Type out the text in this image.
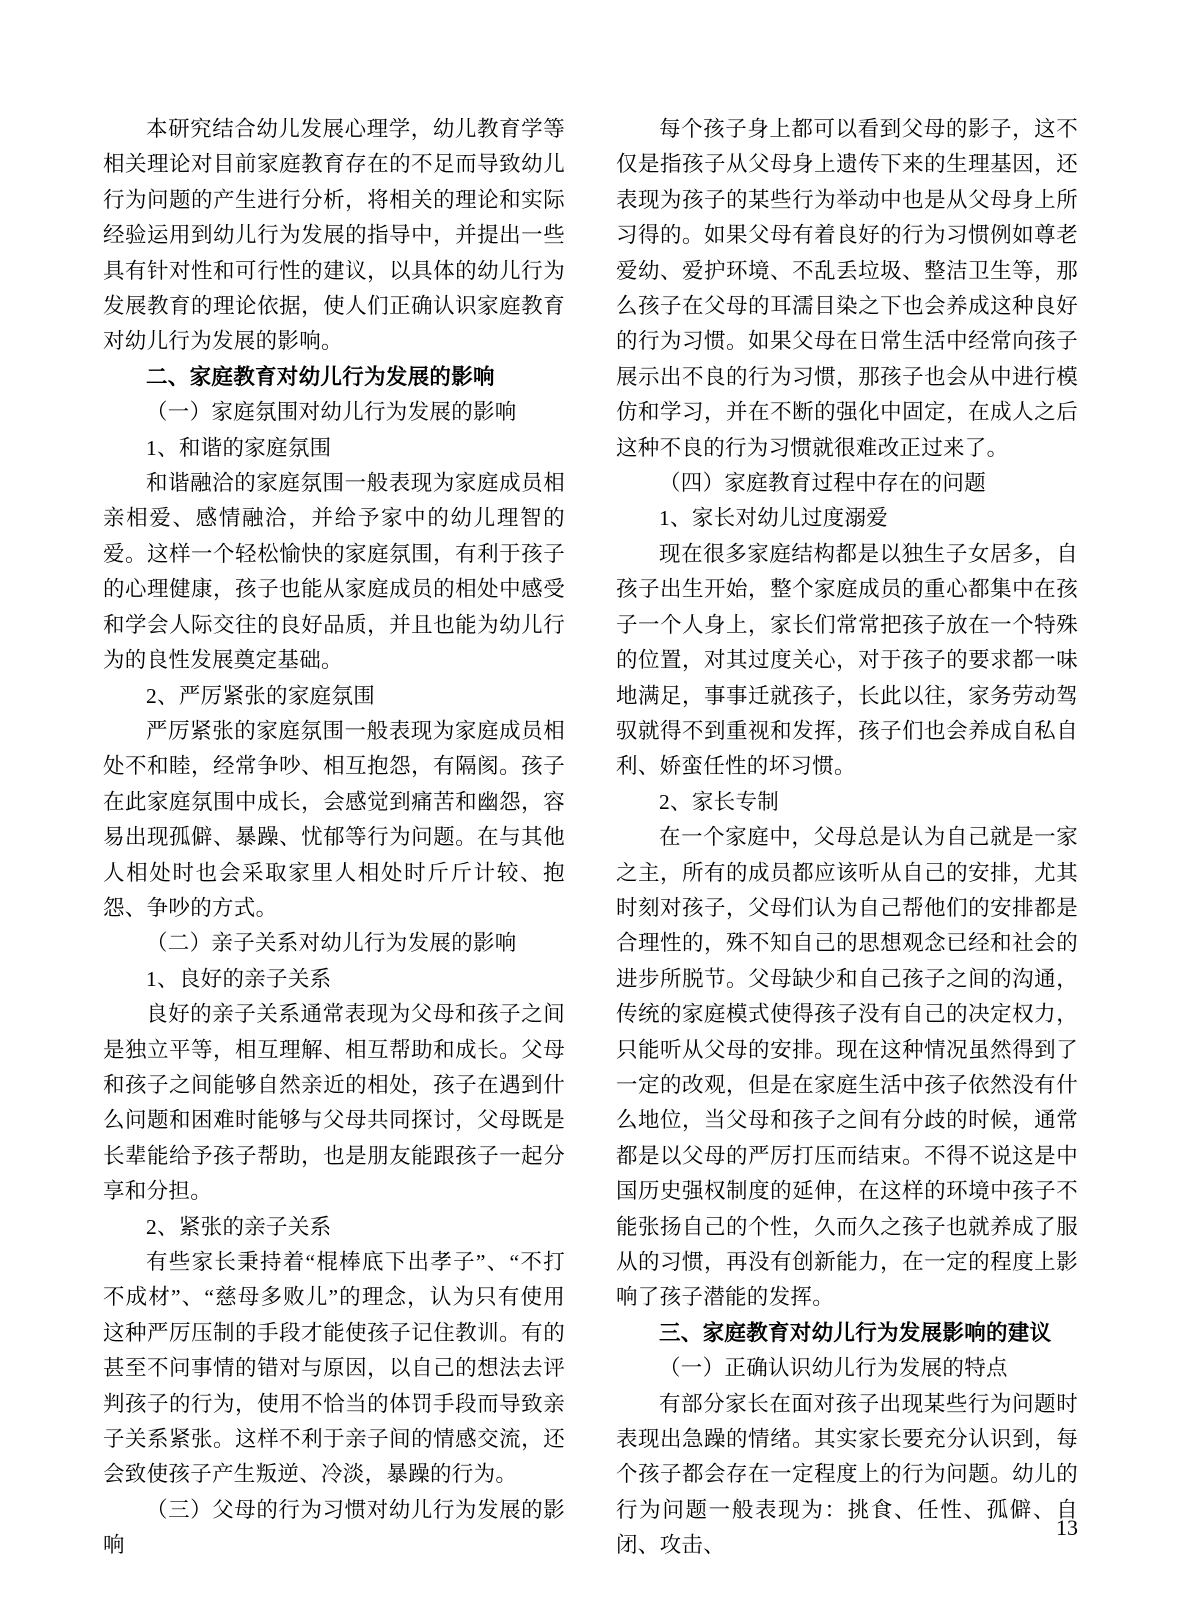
本研究结合幼儿发展心理学，幼儿教育学等相关理论对目前家庭教育存在的不足而导致幼儿行为问题的产生进行分析，将相关的理论和实际经验运用到幼儿行为发展的指导中，并提出一些具有针对性和可行性的建议，以具体的幼儿行为发展教育的理论依据，使人们正确认识家庭教育对幼儿行为发展的影响。

二、家庭教育对幼儿行为发展的影响

（一）家庭氛围对幼儿行为发展的影响

1、和谐的家庭氛围

和谐融洽的家庭氛围一般表现为家庭成员相亲相爱、感情融洽，并给予家中的幼儿理智的爱。这样一个轻松愉快的家庭氛围，有利于孩子的心理健康，孩子也能从家庭成员的相处中感受和学会人际交往的良好品质，并且也能为幼儿行为的良性发展奠定基础。

2、严厉紧张的家庭氛围

严厉紧张的家庭氛围一般表现为家庭成员相处不和睦，经常争吵、相互抱怨，有隔阂。孩子在此家庭氛围中成长，会感觉到痛苦和幽怨，容易出现孤僻、暴躁、忧郁等行为问题。在与其他人相处时也会采取家里人相处时斤斤计较、抱怨、争吵的方式。

（二）亲子关系对幼儿行为发展的影响

1、良好的亲子关系

良好的亲子关系通常表现为父母和孩子之间是独立平等，相互理解、相互帮助和成长。父母和孩子之间能够自然亲近的相处，孩子在遇到什么问题和困难时能够与父母共同探讨，父母既是长辈能给予孩子帮助，也是朋友能跟孩子一起分享和分担。

2、紧张的亲子关系

有些家长秉持着“棍棒底下出孝子”、“不打不成材”、“慈母多败儿”的理念，认为只有使用这种严厉压制的手段才能使孩子记住教训。有的甚至不问事情的错对与原因，以自己的想法去评判孩子的行为，使用不恰当的体罚手段而导致亲子关系紧张。这样不利于亲子间的情感交流，还会致使孩子产生叛逆、冷淡，暴躁的行为。

（三）父母的行为习惯对幼儿行为发展的影响

每个孩子身上都可以看到父母的影子，这不仅是指孩子从父母身上遗传下来的生理基因，还表现为孩子的某些行为举动中也是从父母身上所习得的。如果父母有着良好的行为习惯例如尊老爱幼、爱护环境、不乱丢垃圾、整洁卫生等，那么孩子在父母的耳濡目染之下也会养成这种良好的行为习惯。如果父母在日常生活中经常向孩子展示出不良的行为习惯，那孩子也会从中进行模仿和学习，并在不断的强化中固定，在成人之后这种不良的行为习惯就很难改正过来了。

（四）家庭教育过程中存在的问题

1、家长对幼儿过度溺爱

现在很多家庭结构都是以独生子女居多，自孩子出生开始，整个家庭成员的重心都集中在孩子一个人身上，家长们常常把孩子放在一个特殊的位置，对其过度关心，对于孩子的要求都一味地满足，事事迁就孩子，长此以往，家务劳动驾驭就得不到重视和发挥，孩子们也会养成自私自利、娇蛮任性的坏习惯。

2、家长专制

在一个家庭中，父母总是认为自己就是一家之主，所有的成员都应该听从自己的安排，尤其时刻对孩子，父母们认为自己帮他们的安排都是合理性的，殊不知自己的思想观念已经和社会的进步所脱节。父母缺少和自己孩子之间的沟通，传统的家庭模式使得孩子没有自己的决定权力，只能听从父母的安排。现在这种情况虽然得到了一定的改观，但是在家庭生活中孩子依然没有什么地位，当父母和孩子之间有分歧的时候，通常都是以父母的严厉打压而结束。不得不说这是中国历史强权制度的延伸，在这样的环境中孩子不能张扬自己的个性，久而久之孩子也就养成了服从的习惯，再没有创新能力，在一定的程度上影响了孩子潜能的发挥。

三、家庭教育对幼儿行为发展影响的建议

（一）正确认识幼儿行为发展的特点

有部分家长在面对孩子出现某些行为问题时表现出急躁的情绪。其实家长要充分认识到，每个孩子都会存在一定程度上的行为问题。幼儿的行为问题一般表现为：挑食、任性、孤僻、自闭、攻击、

13
